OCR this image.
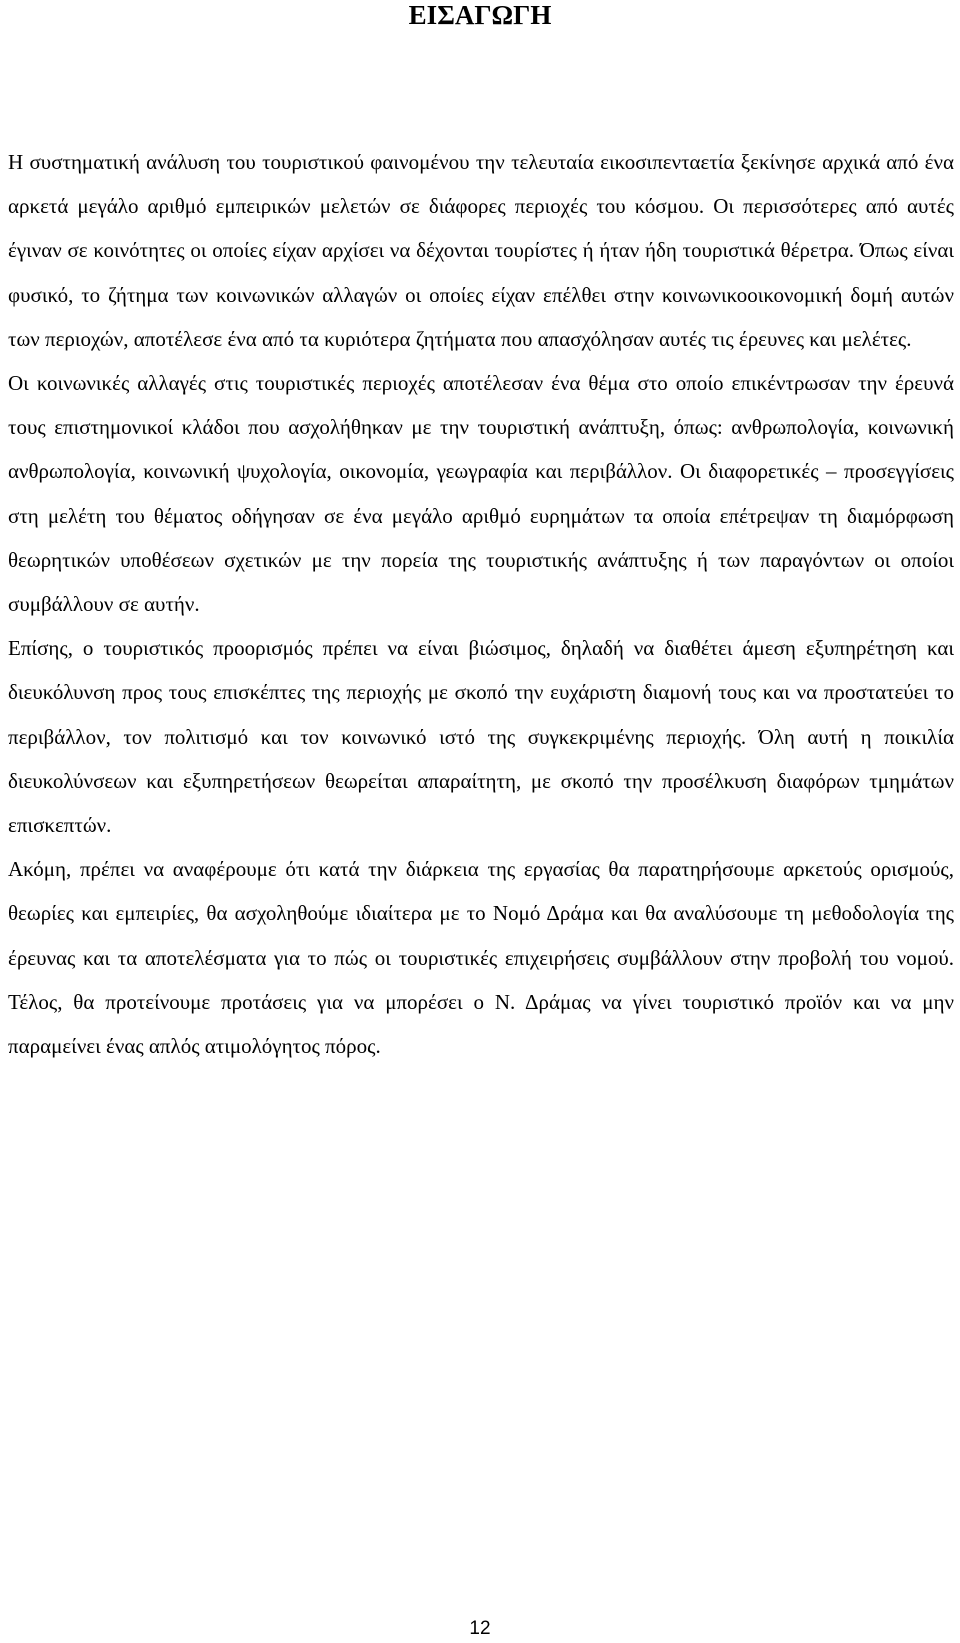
ΕΙΣΑΓΩΓΗ

Η συστηματική ανάλυση του τουριστικού φαινομένου την τελευταία εικοσιπενταετία ξεκίνησε αρχικά από ένα αρκετά μεγάλο αριθμό εμπειρικών μελετών σε διάφορες περιοχές του κόσμου. Οι περισσότερες από αυτές έγιναν σε κοινότητες οι οποίες είχαν αρχίσει να δέχονται τουρίστες ή ήταν ήδη τουριστικά θέρετρα. Όπως είναι φυσικό, το ζήτημα των κοινωνικών αλλαγών οι οποίες είχαν επέλθει στην κοινωνικοοικονομική δομή αυτών των περιοχών, αποτέλεσε ένα από τα κυριότερα ζητήματα που απασχόλησαν αυτές τις έρευνες και μελέτες.

Οι κοινωνικές αλλαγές στις τουριστικές περιοχές αποτέλεσαν ένα θέμα στο οποίο επικέντρωσαν την έρευνά τους επιστημονικοί κλάδοι που ασχολήθηκαν με την τουριστική ανάπτυξη, όπως: ανθρωπολογία, κοινωνική ανθρωπολογία, κοινωνική ψυχολογία, οικονομία, γεωγραφία και περιβάλλον. Οι διαφορετικές – προσεγγίσεις στη μελέτη του θέματος οδήγησαν σε ένα μεγάλο αριθμό ευρημάτων τα οποία επέτρεψαν τη διαμόρφωση θεωρητικών υποθέσεων σχετικών με την πορεία της τουριστικής ανάπτυξης ή των παραγόντων οι οποίοι συμβάλλουν σε αυτήν.

Επίσης, ο τουριστικός προορισμός πρέπει να είναι βιώσιμος, δηλαδή να διαθέτει άμεση εξυπηρέτηση και διευκόλυνση προς τους επισκέπτες της περιοχής με σκοπό την ευχάριστη διαμονή τους και να προστατεύει το περιβάλλον, τον πολιτισμό και τον κοινωνικό ιστό της συγκεκριμένης περιοχής. Όλη αυτή η ποικιλία διευκολύνσεων και εξυπηρετήσεων θεωρείται απαραίτητη, με σκοπό την προσέλκυση διαφόρων τμημάτων επισκεπτών.

Ακόμη, πρέπει να αναφέρουμε ότι κατά την διάρκεια της εργασίας θα παρατηρήσουμε αρκετούς ορισμούς, θεωρίες και εμπειρίες, θα ασχοληθούμε ιδιαίτερα με το Νομό Δράμα και θα αναλύσουμε τη μεθοδολογία της έρευνας και τα αποτελέσματα για το πώς οι τουριστικές επιχειρήσεις συμβάλλουν στην προβολή του νομού. Τέλος, θα προτείνουμε προτάσεις για να μπορέσει ο Ν. Δράμας να γίνει τουριστικό προϊόν και να μην παραμείνει ένας απλός ατιμολόγητος πόρος.

12
